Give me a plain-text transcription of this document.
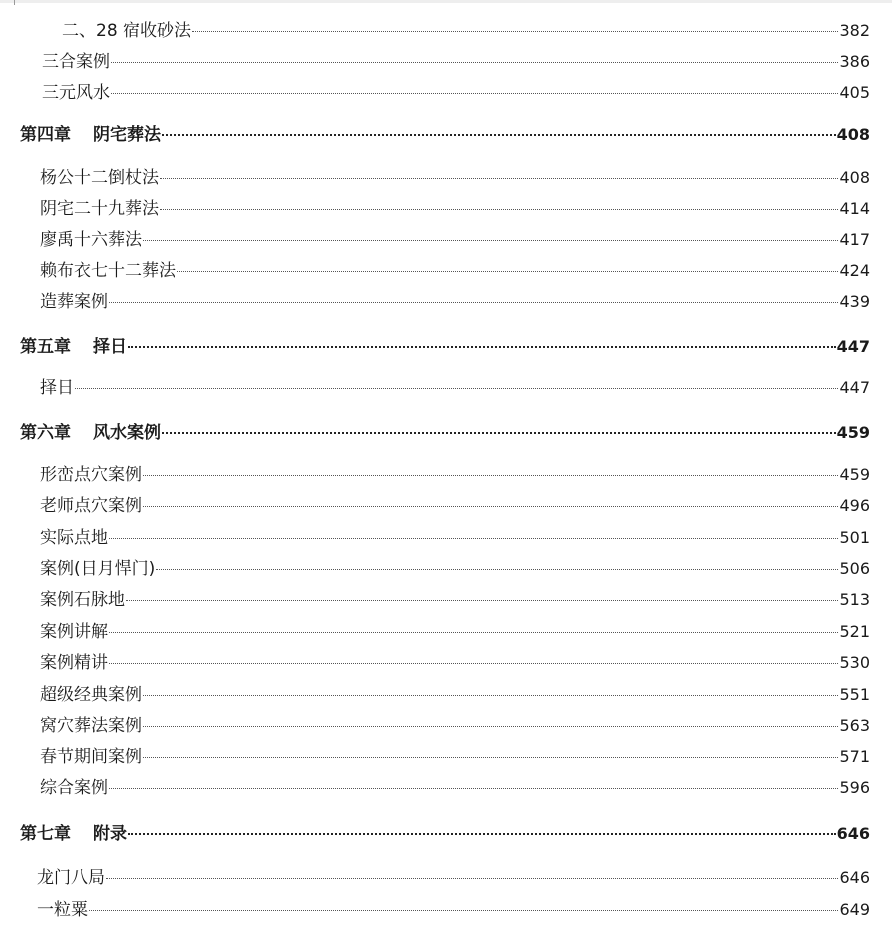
二、28 宿收砂法	382
三合案例	386
三元风水	405
第四章 阴宅葬法	408
杨公十二倒杖法	408
阴宅二十九葬法	414
廖禹十六葬法	417
赖布衣七十二葬法	424
造葬案例	439
第五章 择日	447
择日	447
第六章 风水案例	459
形峦点穴案例	459
老师点穴案例	496
实际点地	501
案例(日月悍门)	506
案例石脉地	513
案例讲解	521
案例精讲	530
超级经典案例	551
窝穴葬法案例	563
春节期间案例	571
综合案例	596
第七章 附录	646
龙门八局	646
一粒粟	649
